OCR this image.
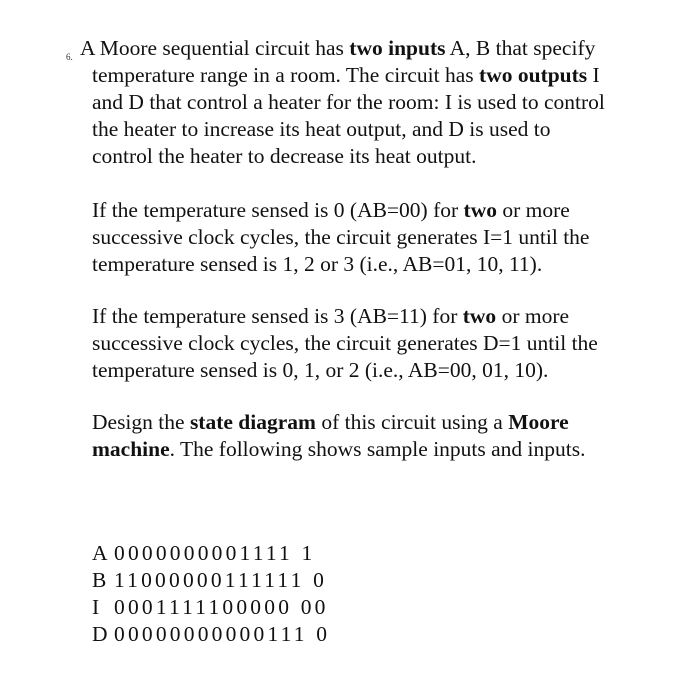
6. A Moore sequential circuit has two inputs A, B that specify
temperature range in a room. The circuit has two outputs I
and D that control a heater for the room: I is used to control
the heater to increase its heat output, and D is used to
control the heater to decrease its heat output.

If the temperature sensed is 0 (AB=00) for two or more
successive clock cycles, the circuit generates I=1 until the
temperature sensed is 1, 2 or 3 (i.e., AB=01, 10, 11).

If the temperature sensed is 3 (AB=11) for two or more
successive clock cycles, the circuit generates D=1 until the
temperature sensed is 0, 1, or 2 (i.e., AB=00, 01, 10).

Design the state diagram of this circuit using a Moore
machine. The following shows sample inputs and inputs.

A 0000000001111 1
B 11000000111111 0
I 0001111100000 00
D 00000000000111 0
